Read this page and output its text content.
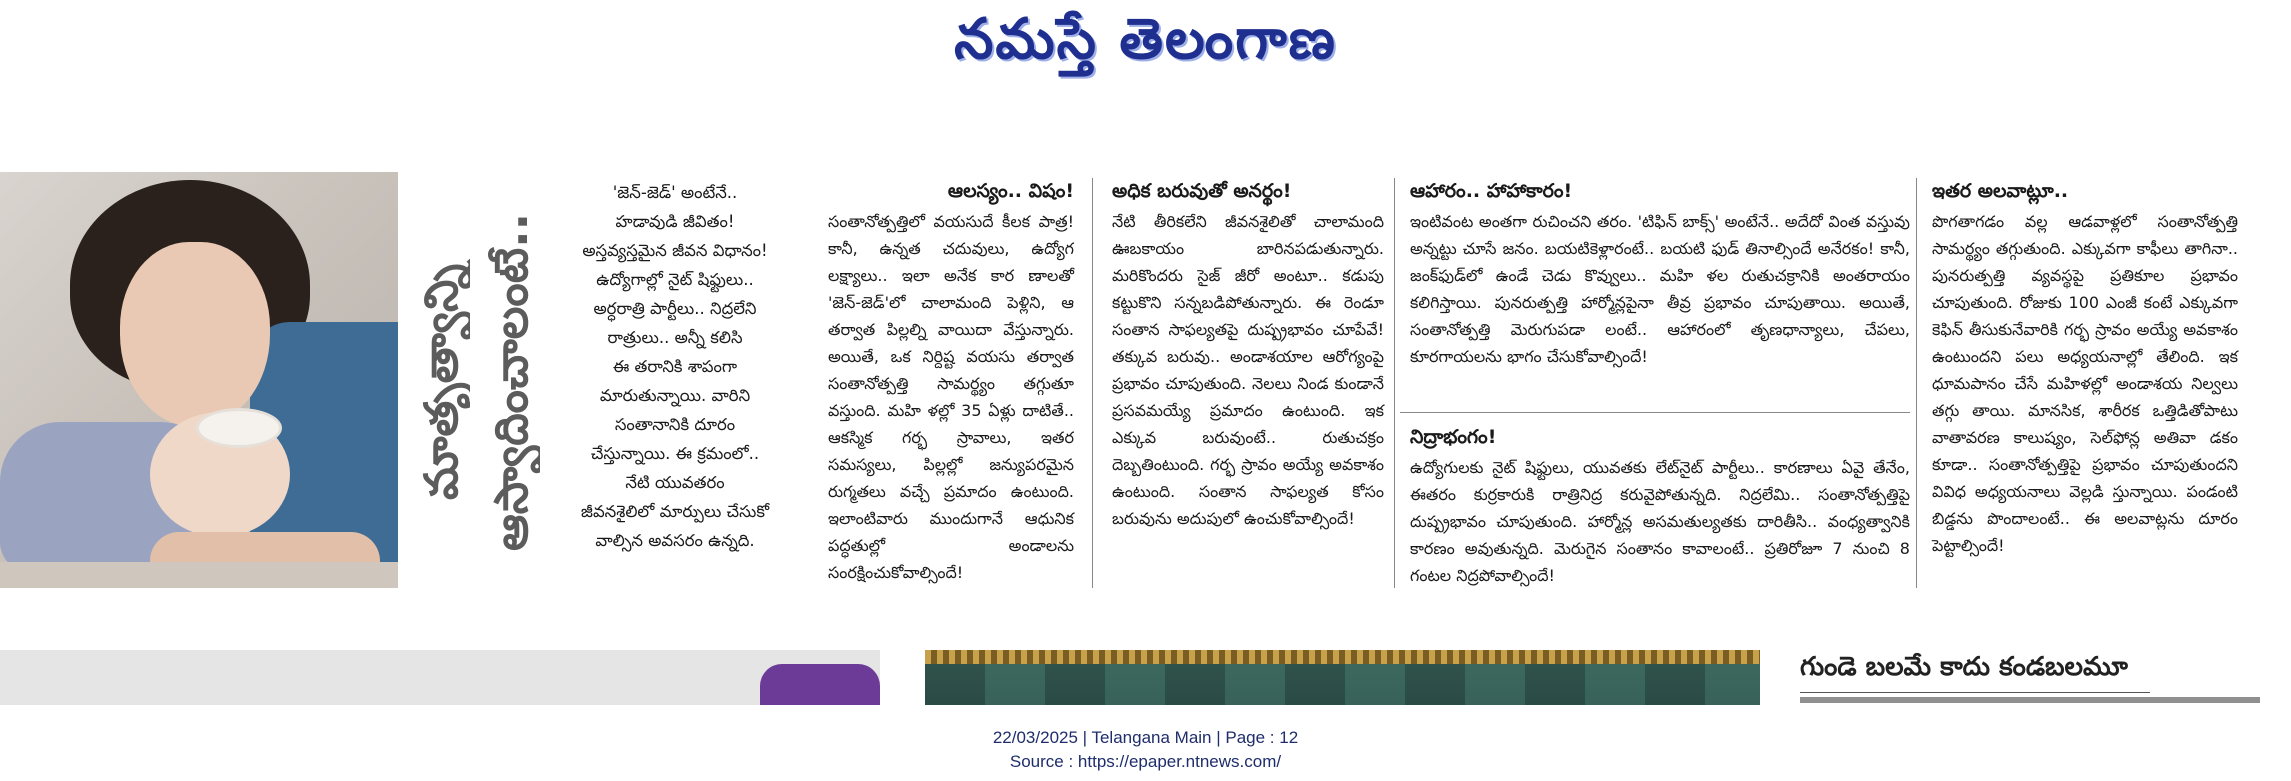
నమస్తే తెలంగాణ
మాతృత్వాన్ని ఆస్వాదించాలంటే..

'జెన్-జెడ్' అంటేనే..

హడావుడి జీవితం!

అస్తవ్యస్తమైన జీవన విధానం!

ఉద్యోగాల్లో నైట్ షిఫ్టులు..

అర్ధరాత్రి పార్టీలు.. నిద్రలేని

రాత్రులు.. అన్నీ కలిసి

ఈ తరానికి శాపంగా

మారుతున్నాయి. వారిని

సంతానానికి దూరం

చేస్తున్నాయి. ఈ క్రమంలో..

నేటి యువతరం

జీవనశైలిలో మార్పులు చేసుకో

వాల్సిన అవసరం ఉన్నది.

ఆలస్యం.. విషం!

సంతానోత్పత్తిలో వయసుదే కీలక పాత్ర! కానీ, ఉన్నత చదువులు, ఉద్యోగ లక్ష్యాలు.. ఇలా అనేక కార ణాలతో 'జెన్-జెడ్'లో చాలామంది పెళ్లిని, ఆ తర్వాత పిల్లల్ని వాయిదా వేస్తున్నారు. అయితే, ఒక నిర్దిష్ట వయసు తర్వాత సంతానోత్పత్తి సామర్థ్యం తగ్గుతూ వస్తుంది. మహి ళల్లో 35 ఏళ్లు దాటితే.. ఆకస్మిక గర్భ స్రావాలు, ఇతర సమస్యలు, పిల్లల్లో జన్యుపరమైన రుగ్మతలు వచ్చే ప్రమాదం ఉంటుంది. ఇలాంటివారు ముందుగానే ఆధునిక పద్ధతుల్లో అండాలను సంరక్షించుకోవాల్సిందే!

అధిక బరువుతో అనర్థం!

నేటి తీరికలేని జీవనశైలితో చాలామంది ఊబకాయం బారినపడుతున్నారు. మరికొందరు సైజ్ జీరో అంటూ.. కడుపు కట్టుకొని సన్నబడిపోతున్నారు. ఈ రెండూ సంతాన సాఫల్యతపై దుష్ప్రభావం చూపేవే! తక్కువ బరువు.. అండాశయాల ఆరోగ్యంపై ప్రభావం చూపుతుంది. నెలలు నిండ కుండానే ప్రసవమయ్యే ప్రమాదం ఉంటుంది. ఇక ఎక్కువ బరువుంటే.. రుతుచక్రం దెబ్బతింటుంది. గర్భ స్రావం అయ్యే అవకాశం ఉంటుంది. సంతాన సాఫల్యత కోసం బరువును అదుపులో ఉంచుకోవాల్సిందే!

ఆహారం.. హాహాకారం!

ఇంటివంట అంతగా రుచించని తరం. 'టిఫిన్ బాక్స్' అంటేనే.. అదేదో వింత వస్తువు అన్నట్టు చూసే జనం. బయటికెళ్లారంటే.. బయటి ఫుడ్ తినాల్సిందే అనేరకం! కానీ, జంక్‌ఫుడ్‌లో ఉండే చెడు కొవ్వులు.. మహి ళల రుతుచక్రానికి అంతరాయం కలిగిస్తాయి. పునరుత్పత్తి హార్మోన్లపైనా తీవ్ర ప్రభావం చూపుతాయి. అయితే, సంతానోత్పత్తి మెరుగుపడా లంటే.. ఆహారంలో తృణధాన్యాలు, చేపలు, కూరగాయలను భాగం చేసుకోవాల్సిందే!

నిద్రాభంగం!

ఉద్యోగులకు నైట్ షిఫ్టులు, యువతకు లేట్‌నైట్ పార్టీలు.. కారణాలు ఏవై తేనేం, ఈతరం కుర్రకారుకి రాత్రినిద్ర కరువైపోతున్నది. నిద్రలేమి.. సంతానోత్పత్తిపై దుష్ప్రభావం చూపుతుంది. హార్మోన్ల అసమతుల్యతకు దారితీసి.. వంధ్యత్వానికి కారణం అవుతున్నది. మెరుగైన సంతానం కావాలంటే.. ప్రతిరోజూ 7 నుంచి 8 గంటల నిద్రపోవాల్సిందే!

ఇతర అలవాట్లూ..

పొగతాగడం వల్ల ఆడవాళ్లలో సంతానోత్పత్తి సామర్థ్యం తగ్గుతుంది. ఎక్కువగా కాఫీలు తాగినా.. పునరుత్పత్తి వ్యవస్థపై ప్రతికూల ప్రభావం చూపుతుంది. రోజుకు 100 ఎంజీ కంటే ఎక్కువగా కెఫిన్ తీసుకునేవారికి గర్భ స్రావం అయ్యే అవకాశం ఉంటుందని పలు అధ్యయనాల్లో తేలింది. ఇక ధూమపానం చేసే మహిళల్లో అండాశయ నిల్వలు తగ్గు తాయి. మానసిక, శారీరక ఒత్తిడితోపాటు వాతావరణ కాలుష్యం, సెల్‌ఫోన్ల అతివా డకం కూడా.. సంతానోత్పత్తిపై ప్రభావం చూపుతుందని వివిధ అధ్యయనాలు వెల్లడి స్తున్నాయి. పండంటి బిడ్డను పొందాలంటే.. ఈ అలవాట్లను దూరం పెట్టాల్సిందే!

గుండె బలమే కాదు కండబలమూ
22/03/2025 | Telangana Main | Page : 12
Source : https://epaper.ntnews.com/
